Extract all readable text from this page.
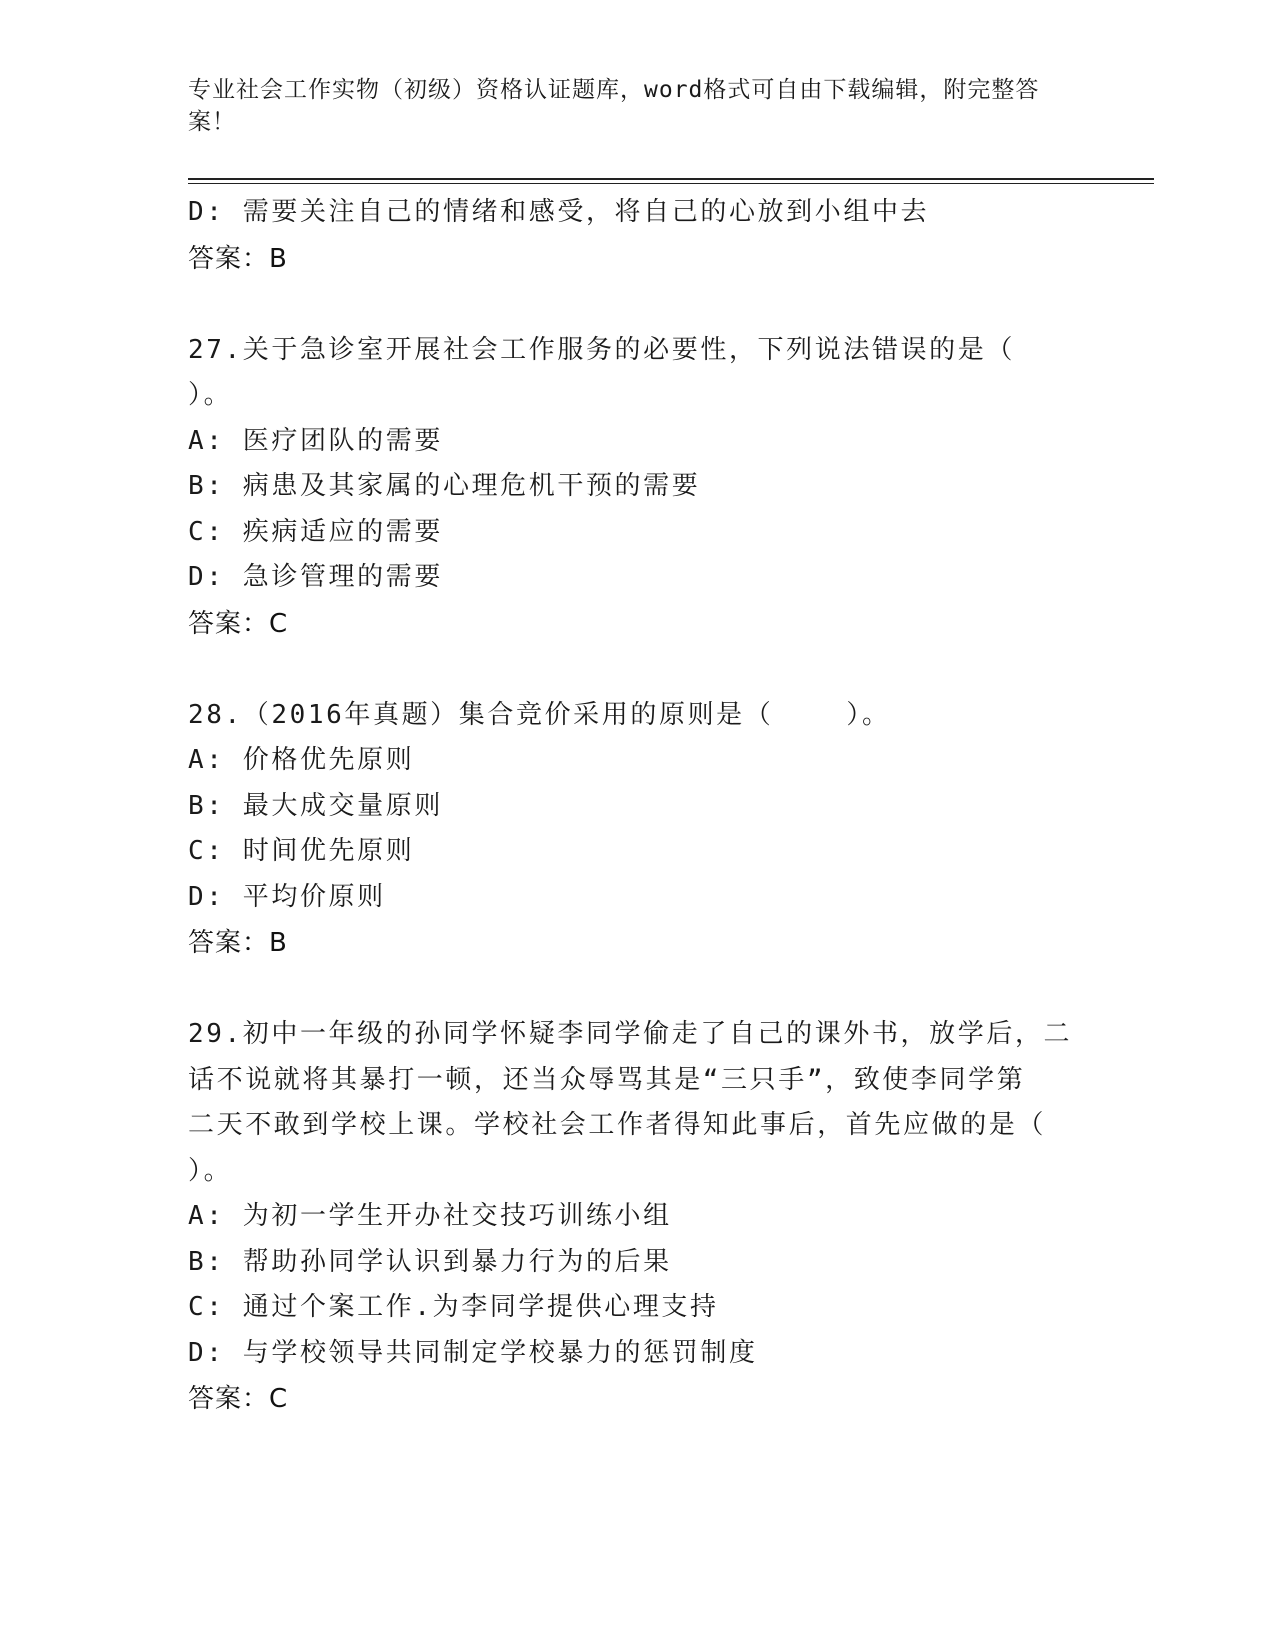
专业社会工作实物（初级）资格认证题库，word格式可自由下载编辑，附完整答
案！
D: 需要关注自己的情绪和感受，将自己的心放到小组中去
答案：B
27.关于急诊室开展社会工作服务的必要性，下列说法错误的是（
）。
A: 医疗团队的需要
B: 病患及其家属的心理危机干预的需要
C: 疾病适应的需要
D: 急诊管理的需要
答案：C
28.（2016年真题）集合竞价采用的原则是（    ）。
A: 价格优先原则
B: 最大成交量原则
C: 时间优先原则
D: 平均价原则
答案：B
29.初中一年级的孙同学怀疑李同学偷走了自己的课外书，放学后，二
话不说就将其暴打一顿，还当众辱骂其是“三只手”，致使李同学第
二天不敢到学校上课。学校社会工作者得知此事后，首先应做的是（
）。
A: 为初一学生开办社交技巧训练小组
B: 帮助孙同学认识到暴力行为的后果
C: 通过个案工作.为李同学提供心理支持
D: 与学校领导共同制定学校暴力的惩罚制度
答案：C
